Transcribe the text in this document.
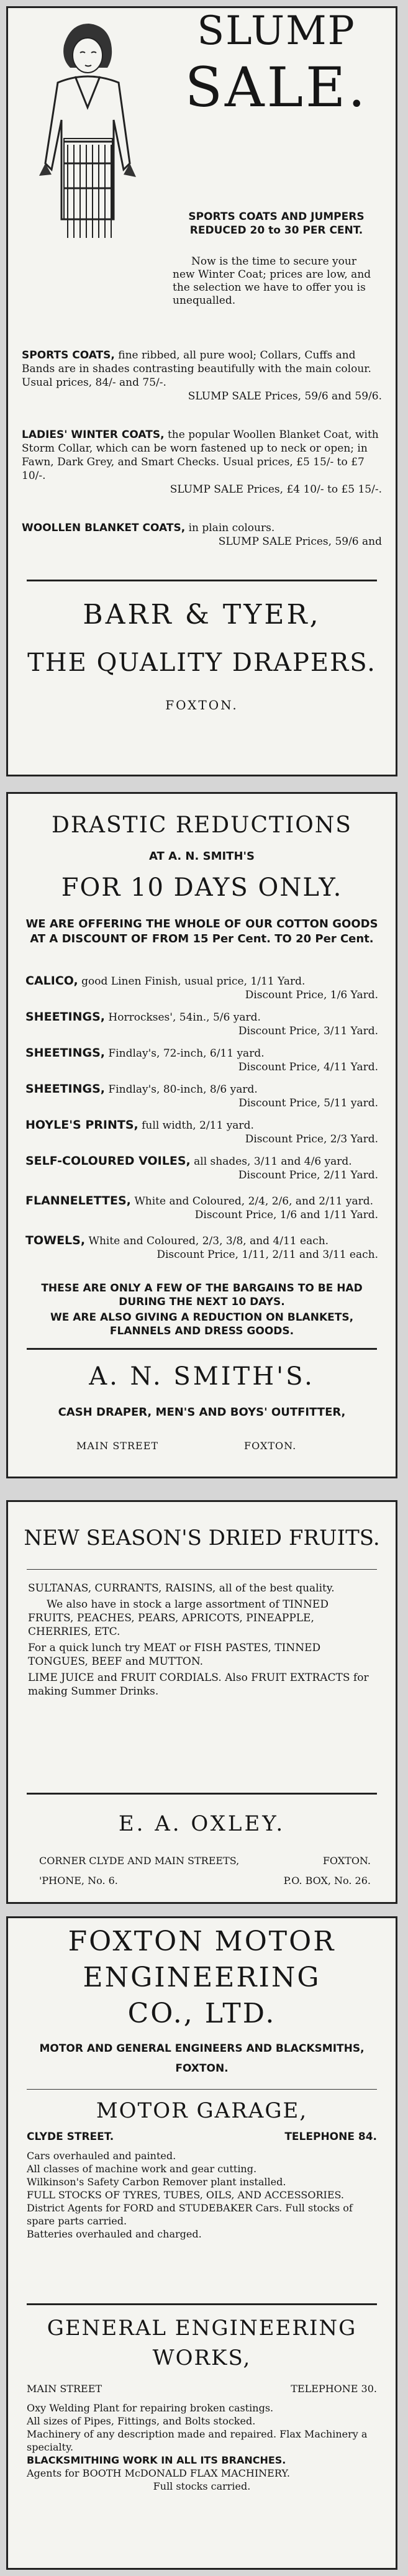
SLUMP
SALE.
SPORTS COATS AND JUMPERS REDUCED 20 to 30 PER CENT.
Now is the time to secure your new Winter Coat; prices are low, and the selection we have to offer you is unequalled.

SPORTS COATS, fine ribbed, all pure wool; Collars, Cuffs and Bands are in shades contrasting beautifully with the main colour. Usual prices, 84/- and 75/-.

SLUMP SALE Prices, 59/6 and 59/6.

LADIES' WINTER COATS, the popular Woollen Blanket Coat, with Storm Collar, which can be worn fastened up to neck or open; in Fawn, Dark Grey, and Smart Checks. Usual prices, £5 15/- to £7 10/-.

SLUMP SALE Prices, £4 10/- to £5 15/-.

WOOLLEN BLANKET COATS, in plain colours.

SLUMP SALE Prices, 59/6 and

BARR & TYER,
THE QUALITY DRAPERS.
FOXTON.
DRASTIC REDUCTIONS
AT A. N. SMITH'S
FOR 10 DAYS ONLY.
WE ARE OFFERING THE WHOLE OF OUR COTTON GOODS AT A DISCOUNT OF FROM 15 Per Cent. TO 20 Per Cent.
CALICO, good Linen Finish, usual price, 1/11 Yard.
Discount Price, 1/6 Yard.
SHEETINGS, Horrockses', 54in., 5/6 yard.
Discount Price, 3/11 Yard.
SHEETINGS, Findlay's, 72-inch, 6/11 yard.
Discount Price, 4/11 Yard.
SHEETINGS, Findlay's, 80-inch, 8/6 yard.
Discount Price, 5/11 yard.
HOYLE'S PRINTS, full width, 2/11 yard.
Discount Price, 2/3 Yard.
SELF-COLOURED VOILES, all shades, 3/11 and 4/6 yard.
Discount Price, 2/11 Yard.
FLANNELETTES, White and Coloured, 2/4, 2/6, and 2/11 yard.
Discount Price, 1/6 and 1/11 Yard.
TOWELS, White and Coloured, 2/3, 3/8, and 4/11 each.
Discount Price, 1/11, 2/11 and 3/11 each.
THESE ARE ONLY A FEW OF THE BARGAINS TO BE HAD DURING THE NEXT 10 DAYS.
WE ARE ALSO GIVING A REDUCTION ON BLANKETS, FLANNELS AND DRESS GOODS.
A. N. SMITH'S.
CASH DRAPER, MEN'S AND BOYS' OUTFITTER,
MAIN STREET	FOXTON.
NEW SEASON'S DRIED FRUITS.

SULTANAS, CURRANTS, RAISINS, all of the best quality.

We also have in stock a large assortment of TINNED FRUITS, PEACHES, PEARS, APRICOTS, PINEAPPLE, CHERRIES, ETC.

For a quick lunch try MEAT or FISH PASTES, TINNED TONGUES, BEEF and MUTTON.

LIME JUICE and FRUIT CORDIALS. Also FRUIT EXTRACTS for making Summer Drinks.

E. A. OXLEY.
CORNER CLYDE AND MAIN STREETS,	FOXTON.
'PHONE, No. 6.	P.O. BOX, No. 26.
FOXTON MOTOR
ENGINEERING
CO., LTD.
MOTOR AND GENERAL ENGINEERS AND BLACKSMITHS,
FOXTON.
MOTOR GARAGE,
CLYDE STREET.	TELEPHONE 84.

Cars overhauled and painted.

All classes of machine work and gear cutting.

Wilkinson's Safety Carbon Remover plant installed.

FULL STOCKS OF TYRES, TUBES, OILS, AND ACCESSORIES.

District Agents for FORD and STUDEBAKER Cars. Full stocks of spare parts carried.

Batteries overhauled and charged.

GENERAL ENGINEERING
WORKS,
MAIN STREET	TELEPHONE 30.

Oxy Welding Plant for repairing broken castings.

All sizes of Pipes, Fittings, and Bolts stocked.

Machinery of any description made and repaired. Flax Machinery a specialty.

BLACKSMITHING WORK IN ALL ITS BRANCHES.

Agents for BOOTH McDONALD FLAX MACHINERY.

Full stocks carried.
